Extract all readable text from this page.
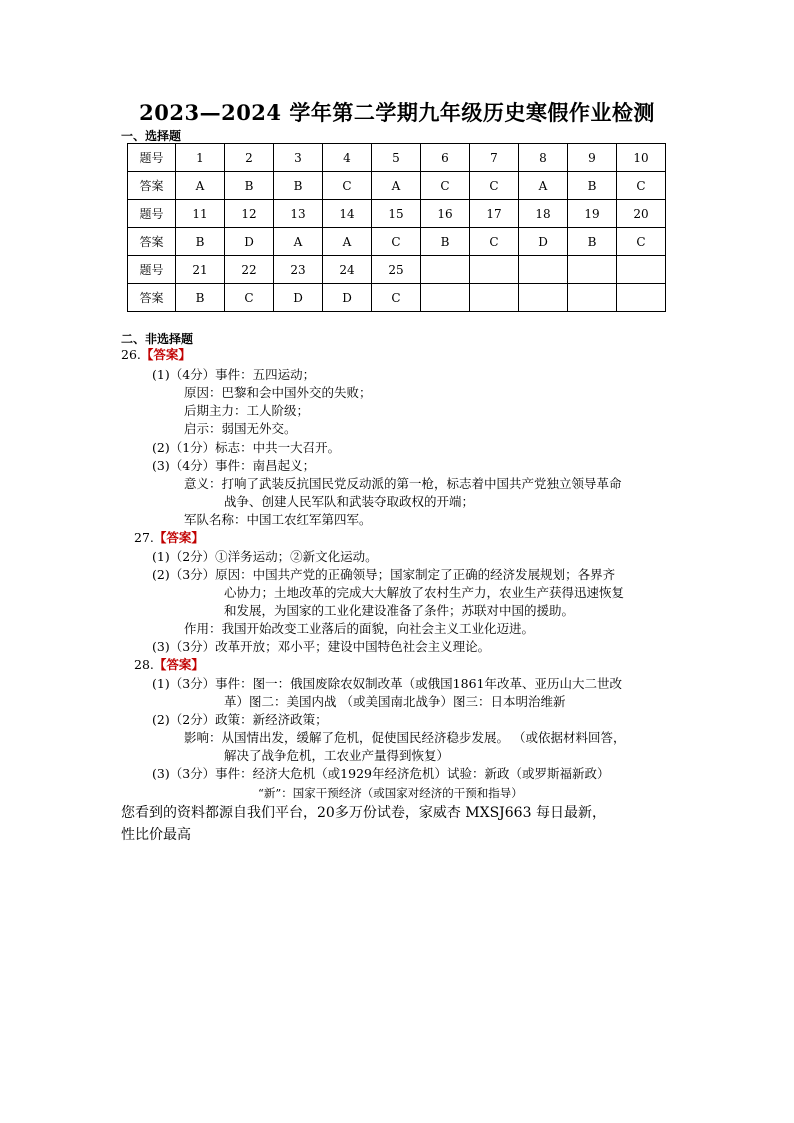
2023—2024 学年第二学期九年级历史寒假作业检测
一、选择题
题号	1	2	3	4	5	6	7	8	9	10
答案	A	B	B	C	A	C	C	A	B	C
题号	11	12	13	14	15	16	17	18	19	20
答案	B	D	A	A	C	B	C	D	B	C
题号	21	22	23	24	25					
答案	B	C	D	D	C					
二、非选择题
26.【答案】
(1)（4分）事件：五四运动；
原因：巴黎和会中国外交的失败；
后期主力：工人阶级；
启示：弱国无外交。
(2)（1分）标志：中共一大召开。
(3)（4分）事件：南昌起义；
意义：打响了武装反抗国民党反动派的第一枪，标志着中国共产党独立领导革命
战争、创建人民军队和武装夺取政权的开端；
军队名称：中国工农红军第四军。
27.【答案】
(1)（2分）①洋务运动；②新文化运动。
(2)（3分）原因：中国共产党的正确领导；国家制定了正确的经济发展规划；各界齐
心协力；土地改革的完成大大解放了农村生产力，农业生产获得迅速恢复
和发展，为国家的工业化建设准备了条件；苏联对中国的援助。
作用：我国开始改变工业落后的面貌，向社会主义工业化迈进。
(3)（3分）改革开放；邓小平；建设中国特色社会主义理论。
28.【答案】
(1)（3分）事件：图一：俄国废除农奴制改革（或俄国1861年改革、亚历山大二世改
革）图二：美国内战 （或美国南北战争）图三：日本明治维新
(2)（2分）政策：新经济政策；
影响：从国情出发，缓解了危机，促使国民经济稳步发展。 （或依据材料回答，
解决了战争危机，工农业产量得到恢复）
(3)（3分）事件：经济大危机（或1929年经济危机）试验：新政（或罗斯福新政）
“新”：国家干预经济（或国家对经济的干预和指导）
您看到的资料都源自我们平台，20多万份试卷，家威杏 MXSJ663 每日最新，
性比价最高
